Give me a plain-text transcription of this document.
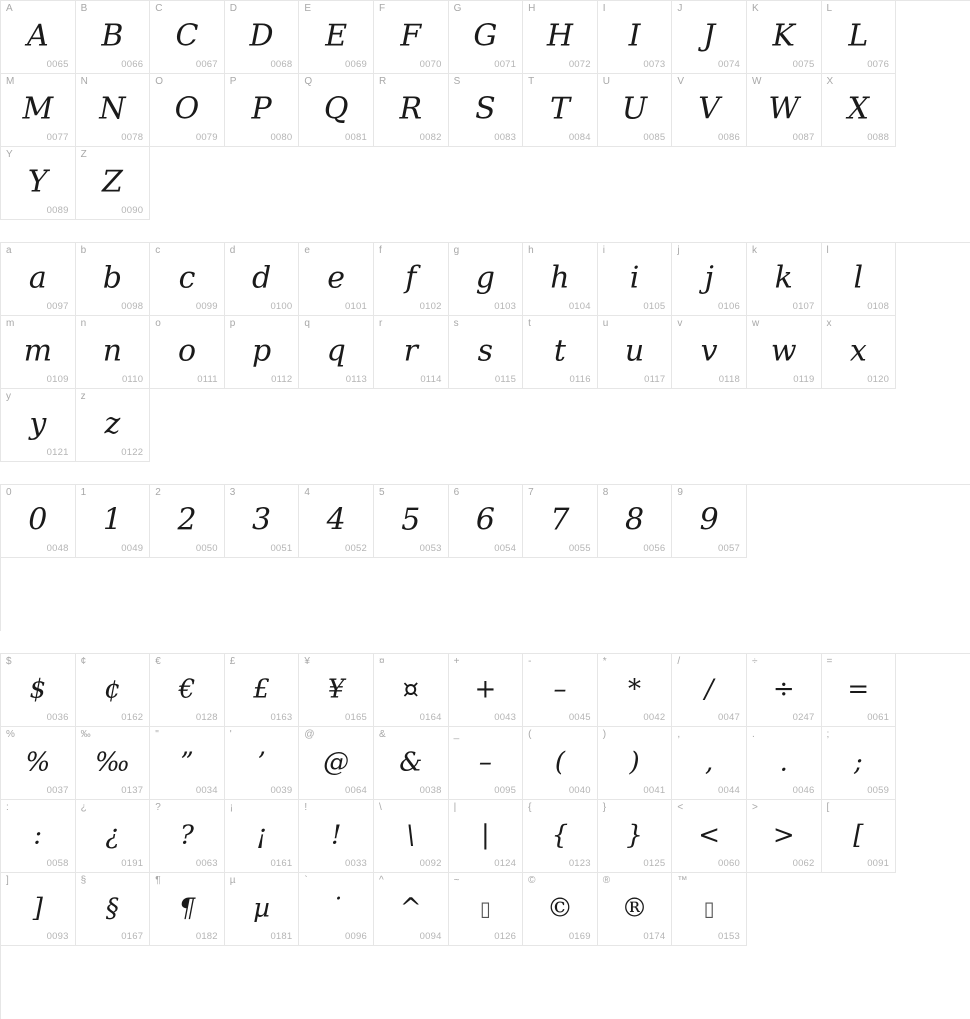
A
A
0065
B
B
0066
C
C
0067
D
D
0068
E
E
0069
F
F
0070
G
G
0071
H
H
0072
I
I
0073
J
J
0074
K
K
0075
L
L
0076
M
M
0077
N
N
0078
O
O
0079
P
P
0080
Q
Q
0081
R
R
0082
S
S
0083
T
T
0084
U
U
0085
V
V
0086
W
W
0087
X
X
0088
Y
Y
0089
Z
Z
0090
a
a
0097
b
b
0098
c
c
0099
d
d
0100
e
e
0101
f
f
0102
g
g
0103
h
h
0104
i
i
0105
j
j
0106
k
k
0107
l
l
0108
m
m
0109
n
n
0110
o
o
0111
p
p
0112
q
q
0113
r
r
0114
s
s
0115
t
t
0116
u
u
0117
v
v
0118
w
w
0119
x
x
0120
y
y
0121
z
z
0122
0
0
0048
1
1
0049
2
2
0050
3
3
0051
4
4
0052
5
5
0053
6
6
0054
7
7
0055
8
8
0056
9
9
0057
$
$
0036
¢
¢
0162
€
€
0128
£
£
0163
¥
¥
0165
¤
¤
0164
+
+
0043
-
–
0045
*
*
0042
/
/
0047
÷
÷
0247
=
=
0061
%
%
0037
‰
‰
0137
"
”
0034
'
’
0039
@
@
0064
&
&
0038
_
–
0095
(
(
0040
)
)
0041
,
,
0044
.
.
0046
;
;
0059
:
:
0058
¿
¿
0191
?
?
0063
¡
¡
0161
!
!
0033
\
\
0092
|
|
0124
{
{
0123
}
}
0125
<
<
0060
>
>
0062
[
[
0091
]
]
0093
§
§
0167
¶
¶
0182
µ
µ
0181
`
˙
0096
^
^
0094
~
▯
0126
©
©
0169
®
®
0174
™
▯
0153
